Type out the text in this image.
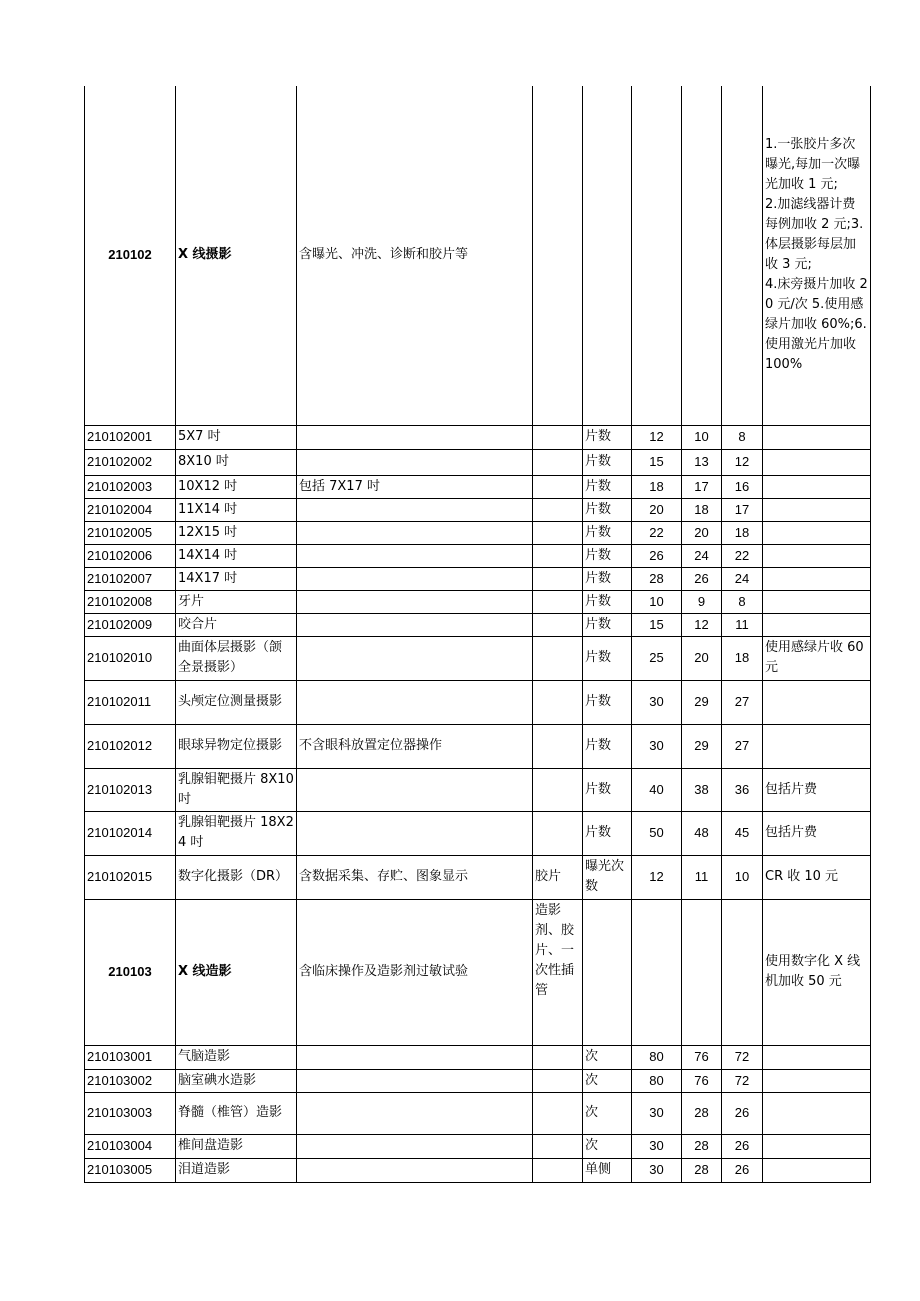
210102	X 线摄影	含曝光、冲洗、诊断和胶片等						1.一张胶片多次曝光,每加一次曝光加收 1 元;
2.加滤线器计费每例加收 2 元;3. 体层摄影每层加收 3 元;
4.床旁摄片加收 20 元/次 5.使用感绿片加收 60%;6. 使用激光片加收 100%
210102001	5X7 吋			片数	12	10	8	
210102002	8X10 吋			片数	15	13	12	
210102003	10X12 吋	包括 7X17 吋		片数	18	17	16	
210102004	11X14 吋			片数	20	18	17	
210102005	12X15 吋			片数	22	20	18	
210102006	14X14 吋			片数	26	24	22	
210102007	14X17 吋			片数	28	26	24	
210102008	牙片			片数	10	9	8	
210102009	咬合片			片数	15	12	11	
210102010	曲面体层摄影（颌全景摄影）			片数	25	20	18	使用感绿片收 60 元
210102011	头颅定位测量摄影			片数	30	29	27	
210102012	眼球异物定位摄影	不含眼科放置定位器操作		片数	30	29	27	
210102013	乳腺钼靶摄片 8X10 吋			片数	40	38	36	包括片费
210102014	乳腺钼靶摄片 18X24 吋			片数	50	48	45	包括片费
210102015	数字化摄影（DR）	含数据采集、存贮、图象显示	胶片	曝光次数	12	11	10	CR 收 10 元
210103	X 线造影	含临床操作及造影剂过敏试验	造影剂、胶片、一次性插管					使用数字化 X 线机加收 50 元
210103001	气脑造影			次	80	76	72	
210103002	脑室碘水造影			次	80	76	72	
210103003	脊髓（椎管）造影			次	30	28	26	
210103004	椎间盘造影			次	30	28	26	
210103005	泪道造影			单侧	30	28	26	
